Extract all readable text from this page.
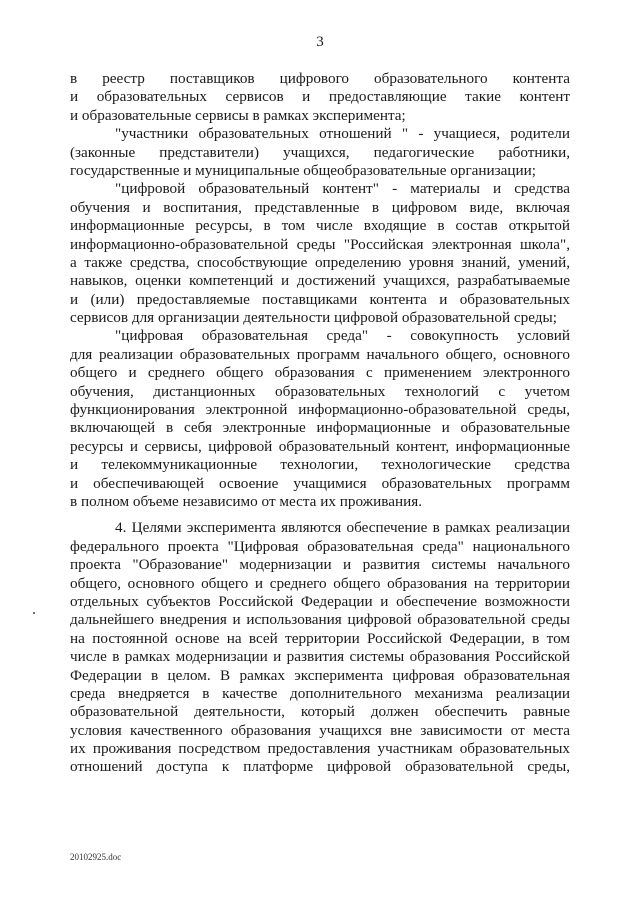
3
в реестр поставщиков цифрового образовательного контента
и образовательных сервисов и предоставляющие такие контент
и образовательные сервисы в рамках эксперимента;
"участники образовательных отношений " - учащиеся, родители
(законные представители) учащихся, педагогические работники,
государственные и муниципальные общеобразовательные организации;
"цифровой образовательный контент" - материалы и средства
обучения и воспитания, представленные в цифровом виде, включая
информационные ресурсы, в том числе входящие в состав открытой
информационно-образовательной среды "Российская электронная школа",
а также средства, способствующие определению уровня знаний, умений,
навыков, оценки компетенций и достижений учащихся, разрабатываемые
и (или) предоставляемые поставщиками контента и образовательных
сервисов для организации деятельности цифровой образовательной среды;
"цифровая образовательная среда" - совокупность условий
для реализации образовательных программ начального общего, основного
общего и среднего общего образования с применением электронного
обучения, дистанционных образовательных технологий с учетом
функционирования электронной информационно-образовательной среды,
включающей в себя электронные информационные и образовательные
ресурсы и сервисы, цифровой образовательный контент, информационные
и телекоммуникационные технологии, технологические средства
и обеспечивающей освоение учащимися образовательных программ
в полном объеме независимо от места их проживания.
4. Целями эксперимента являются обеспечение в рамках реализации
федерального проекта "Цифровая образовательная среда" национального
проекта "Образование" модернизации и развития системы начального
общего, основного общего и среднего общего образования на территории
отдельных субъектов Российской Федерации и обеспечение возможности
дальнейшего внедрения и использования цифровой образовательной среды
на постоянной основе на всей территории Российской Федерации, в том
числе в рамках модернизации и развития системы образования Российской
Федерации в целом. В рамках эксперимента цифровая образовательная
среда внедряется в качестве дополнительного механизма реализации
образовательной деятельности, который должен обеспечить равные
условия качественного образования учащихся вне зависимости от места
их проживания посредством предоставления участникам образовательных
отношений доступа к платформе цифровой образовательной среды,
20102925.doc
